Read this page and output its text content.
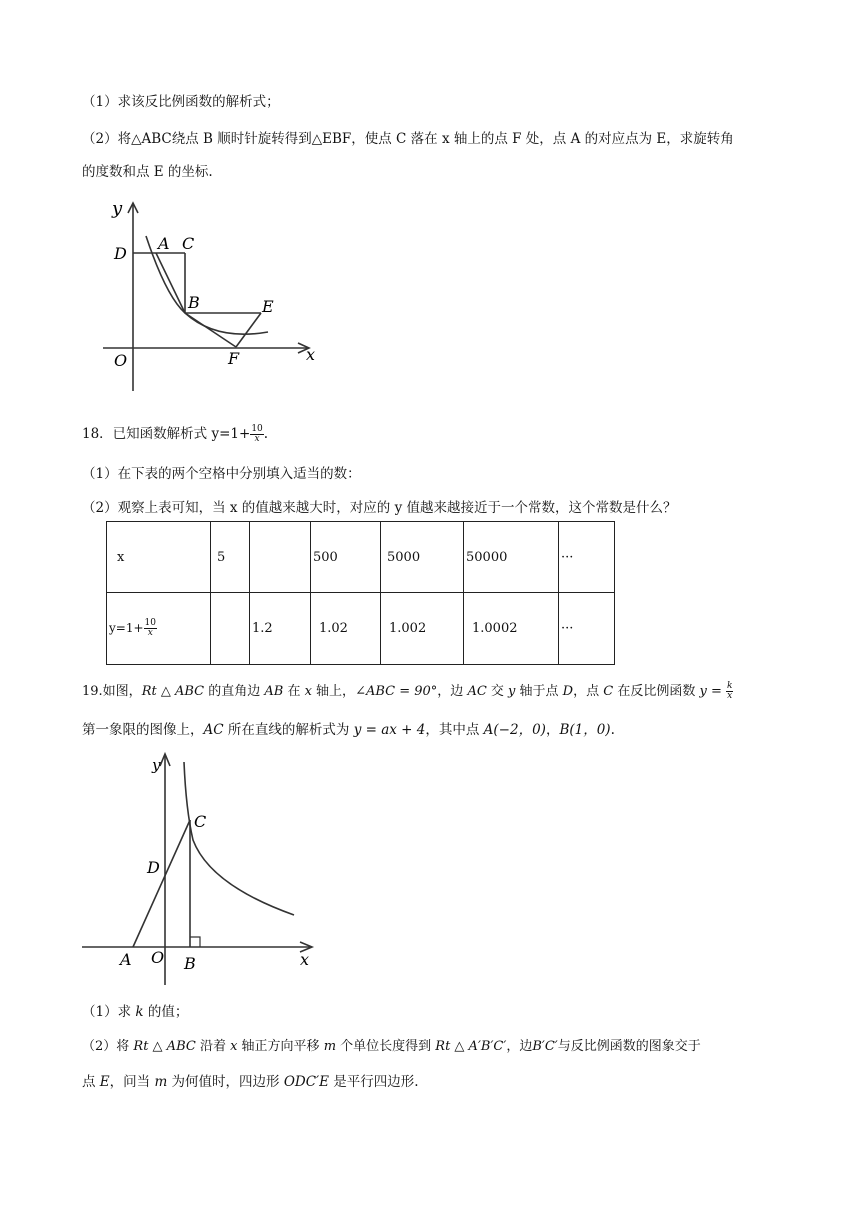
（1）求该反比例函数的解析式；
（2）将△ABC绕点 B 顺时针旋转得到△EBF，使点 C 落在 x 轴上的点 F 处，点 A 的对应点为 E，求旋转角
的度数和点 E 的坐标.
y
D
A C
B	E
O	F	x
18．已知函数解析式 $y=1+ \frac{10}{x}$ .
（1）在下表的两个空格中分别填入适当的数：
（2）观察上表可知，当 x 的值越来越大时，对应的 y 值越来越接近于一个常数，这个常数是什么？
x	5		500	5000	50000	···
$y=1+ \frac{10}{x}$		1.2	1.02	1.002	1.0002	···
19.如图，Rt △ ABC 的直角边 AB 在 x 轴上，∠ABC = 90°，边 AC 交 y 轴于点 D，点 C 在反比例函数 $y = \frac{k}{x}$
第一象限的图像上，AC 所在直线的解析式为 y = ax + 4，其中点 A(−2，0)，B(1，0).
y
C
D
A O B	x
（1）求 k 的值；
（2）将 Rt △ ABC 沿着 x 轴正方向平移 m 个单位长度得到 Rt △ A′B′C′，边B′C′与反比例函数的图象交于
点 E，问当 m 为何值时，四边形 ODC′E 是平行四边形.
